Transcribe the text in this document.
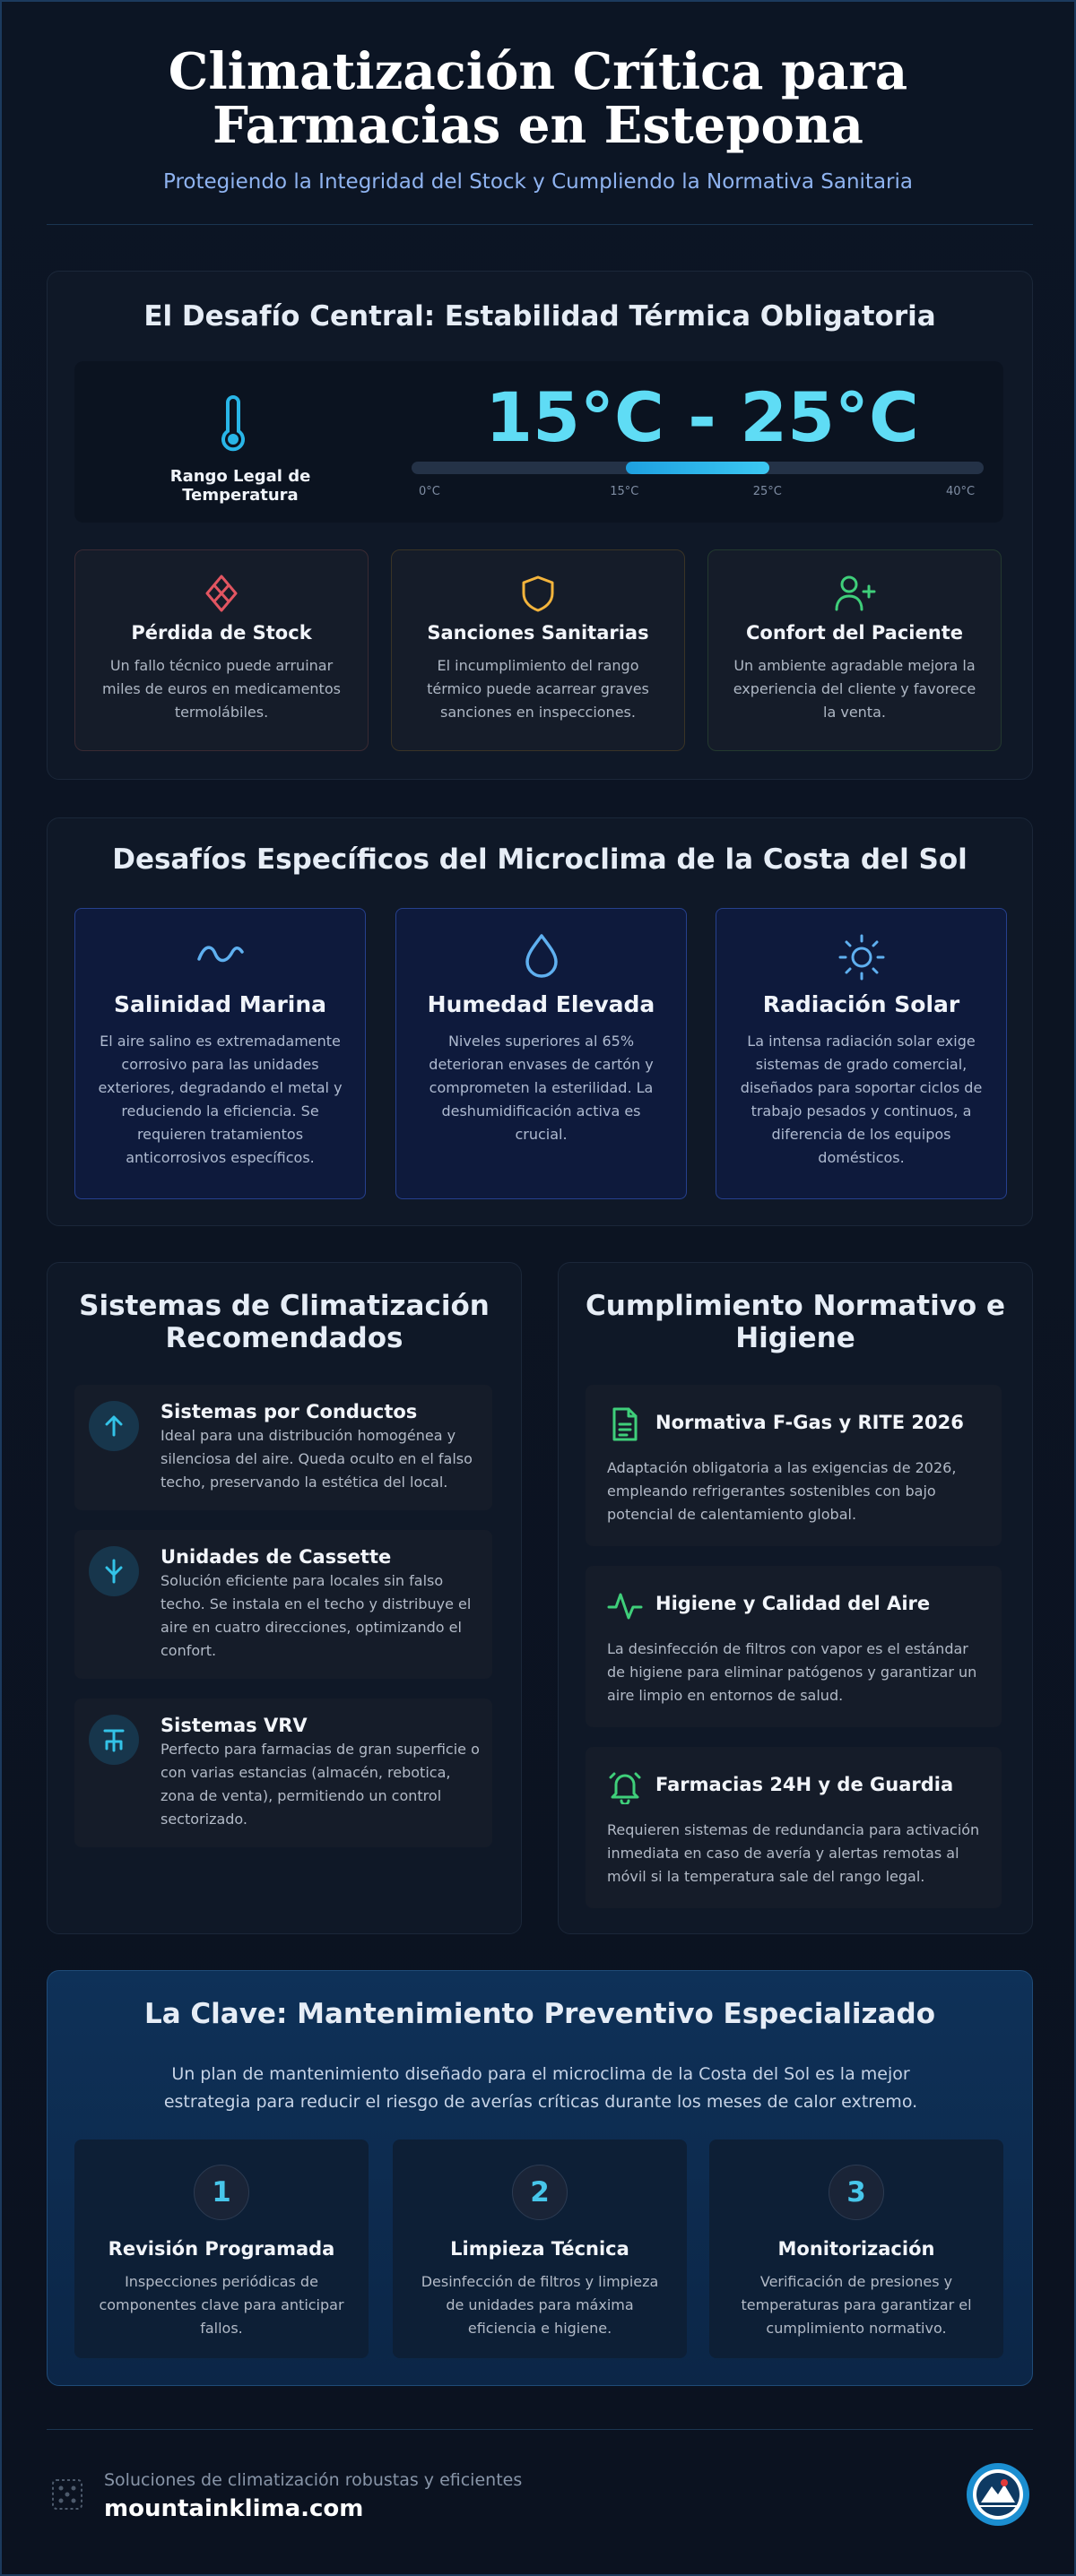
Climatización Crítica para Farmacias en Estepona
Protegiendo la Integridad del Stock y Cumpliendo la Normativa Sanitaria
El Desafío Central: Estabilidad Térmica Obligatoria
Rango Legal de Temperatura
15°C - 25°C
0°C	15°C	25°C	40°C
Pérdida de Stock

Un fallo técnico puede arruinar miles de euros en medicamentos termolábiles.

Sanciones Sanitarias

El incumplimiento del rango térmico puede acarrear graves sanciones en inspecciones.

Confort del Paciente

Un ambiente agradable mejora la experiencia del cliente y favorece la venta.

Desafíos Específicos del Microclima de la Costa del Sol
Salinidad Marina

El aire salino es extremadamente corrosivo para las unidades exteriores, degradando el metal y reduciendo la eficiencia. Se requieren tratamientos anticorrosivos específicos.

Humedad Elevada

Niveles superiores al 65% deterioran envases de cartón y comprometen la esterilidad. La deshumidificación activa es crucial.

Radiación Solar

La intensa radiación solar exige sistemas de grado comercial, diseñados para soportar ciclos de trabajo pesados y continuos, a diferencia de los equipos domésticos.

Sistemas de Climatización Recomendados
Sistemas por Conductos

Ideal para una distribución homogénea y silenciosa del aire. Queda oculto en el falso techo, preservando la estética del local.

Unidades de Cassette

Solución eficiente para locales sin falso techo. Se instala en el techo y distribuye el aire en cuatro direcciones, optimizando el confort.

Sistemas VRV

Perfecto para farmacias de gran superficie o con varias estancias (almacén, rebotica, zona de venta), permitiendo un control sectorizado.

Cumplimiento Normativo e Higiene
Normativa F-Gas y RITE 2026

Adaptación obligatoria a las exigencias de 2026, empleando refrigerantes sostenibles con bajo potencial de calentamiento global.

Higiene y Calidad del Aire

La desinfección de filtros con vapor es el estándar de higiene para eliminar patógenos y garantizar un aire limpio en entornos de salud.

Farmacias 24H y de Guardia

Requieren sistemas de redundancia para activación inmediata en caso de avería y alertas remotas al móvil si la temperatura sale del rango legal.

La Clave: Mantenimiento Preventivo Especializado
Un plan de mantenimiento diseñado para el microclima de la Costa del Sol es la mejor estrategia para reducir el riesgo de averías críticas durante los meses de calor extremo.
1
Revisión Programada

Inspecciones periódicas de componentes clave para anticipar fallos.

2
Limpieza Técnica

Desinfección de filtros y limpieza de unidades para máxima eficiencia e higiene.

3
Monitorización

Verificación de presiones y temperaturas para garantizar el cumplimiento normativo.

Soluciones de climatización robustas y eficientes
mountainklima.com
